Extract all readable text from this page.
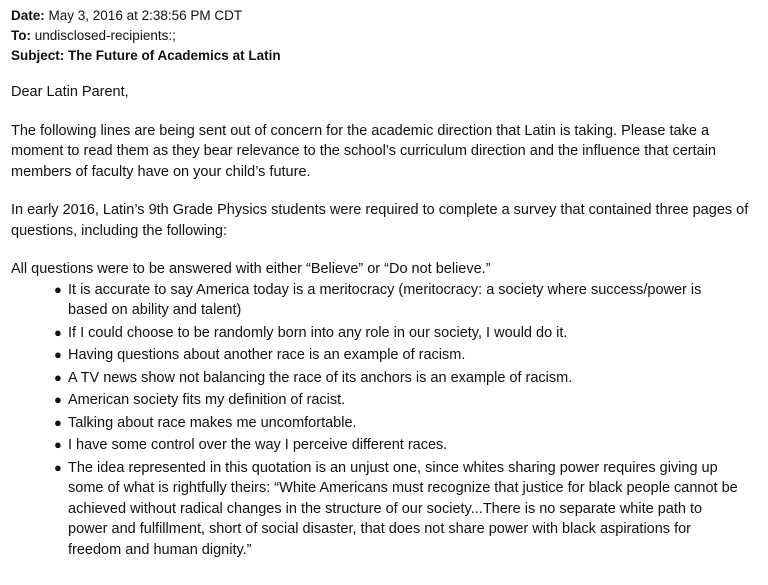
Date: May 3, 2016 at 2:38:56 PM CDT
To: undisclosed-recipients:;
Subject: The Future of Academics at Latin

Dear Latin Parent,

The following lines are being sent out of concern for the academic direction that Latin is taking. Please take a moment to read them as they bear relevance to the school’s curriculum direction and the influence that certain members of faculty have on your child’s future.

In early 2016, Latin’s 9th Grade Physics students were required to complete a survey that contained three pages of questions, including the following:

All questions were to be answered with either “Believe” or “Do not believe.”

● It is accurate to say America today is a meritocracy (meritocracy: a society where success/power is based on ability and talent)
● If I could choose to be randomly born into any role in our society, I would do it.
● Having questions about another race is an example of racism.
● A TV news show not balancing the race of its anchors is an example of racism.
● American society fits my definition of racist.
● Talking about race makes me uncomfortable.
● I have some control over the way I perceive different races.
● The idea represented in this quotation is an unjust one, since whites sharing power requires giving up some of what is rightfully theirs: “White Americans must recognize that justice for black people cannot be achieved without radical changes in the structure of our society...There is no separate white path to power and fulfillment, short of social disaster, that does not share power with black aspirations for freedom and human dignity.”
